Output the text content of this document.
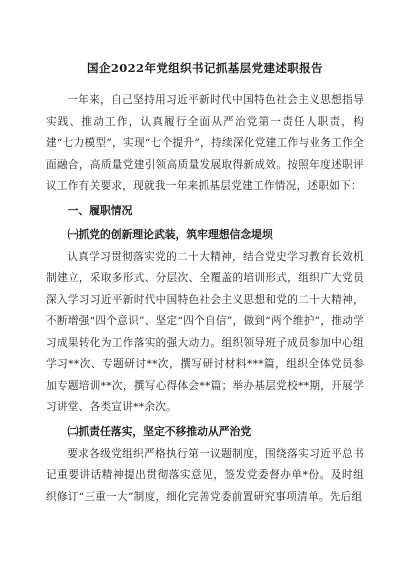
国企2022年党组织书记抓基层党建述职报告

一年来，自己坚持用习近平新时代中国特色社会主义思想指导实践、推动工作，认真履行全面从严治党第一责任人职责，构建“七力模型”，实现“七个提升”，持续深化党建工作与业务工作全面融合，高质量党建引领高质量发展取得新成效。按照年度述职评议工作有关要求，现就我一年来抓基层党建工作情况，述职如下：

一、履职情况
㈠抓党的创新理论武装，筑牢理想信念堤坝

认真学习贯彻落实党的二十大精神，结合党史学习教育长效机制建立，采取多形式、分层次、全覆盖的培训形式，组织广大党员深入学习习近平新时代中国特色社会主义思想和党的二十大精神，不断增强“四个意识”、坚定“四个自信”，做到“两个维护”，推动学习成果转化为工作落实的强大动力。组织领导班子成员参加中心组学习**次、专题研讨**次，撰写研讨材料***篇，组织全体党员参加专题培训**次，撰写心得体会**篇；举办基层党校**期，开展学习讲堂、各类宣讲**余次。

㈡抓责任落实，坚定不移推动从严治党

要求各级党组织严格执行第一议题制度，围绕落实习近平总书记重要讲话精神提出贯彻落实意见，签发党委督办单*份。及时组织修订“三重一大”制度，细化完善党委前置研究事项清单。先后组
